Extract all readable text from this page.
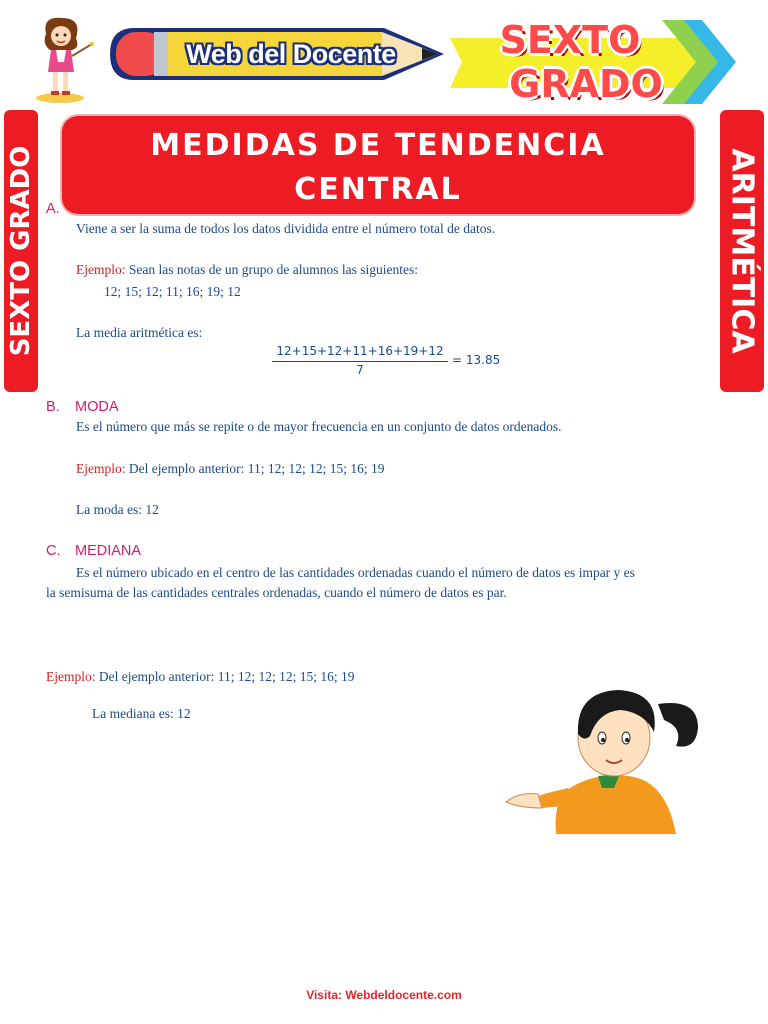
Web del Docente	SEXTO
GRADO
SEXTO GRADO	ARITMÉTICA
MEDIDAS DE TENDENCIA
CENTRAL
A.
Viene a ser la suma de todos los datos dividida entre el número total de datos.
Ejemplo: Sean las notas de un grupo de alumnos las siguientes:
12; 15; 12; 11; 16; 19; 12
La media aritmética es:
12+15+12+11+16+19+12
7
= 13.85
B. MODA
Es el número que más se repite o de mayor frecuencia en un conjunto de datos ordenados.
Ejemplo: Del ejemplo anterior: 11; 12; 12; 12; 15; 16; 19
La moda es: 12
C. MEDIANA
Es el número ubicado en el centro de las cantidades ordenadas cuando el número de datos es impar y es
la semisuma de las cantidades centrales ordenadas, cuando el número de datos es par.
Ejemplo: Del ejemplo anterior: 11; 12; 12; 12; 15; 16; 19
La mediana es: 12
Visita: Webdeldocente.com
